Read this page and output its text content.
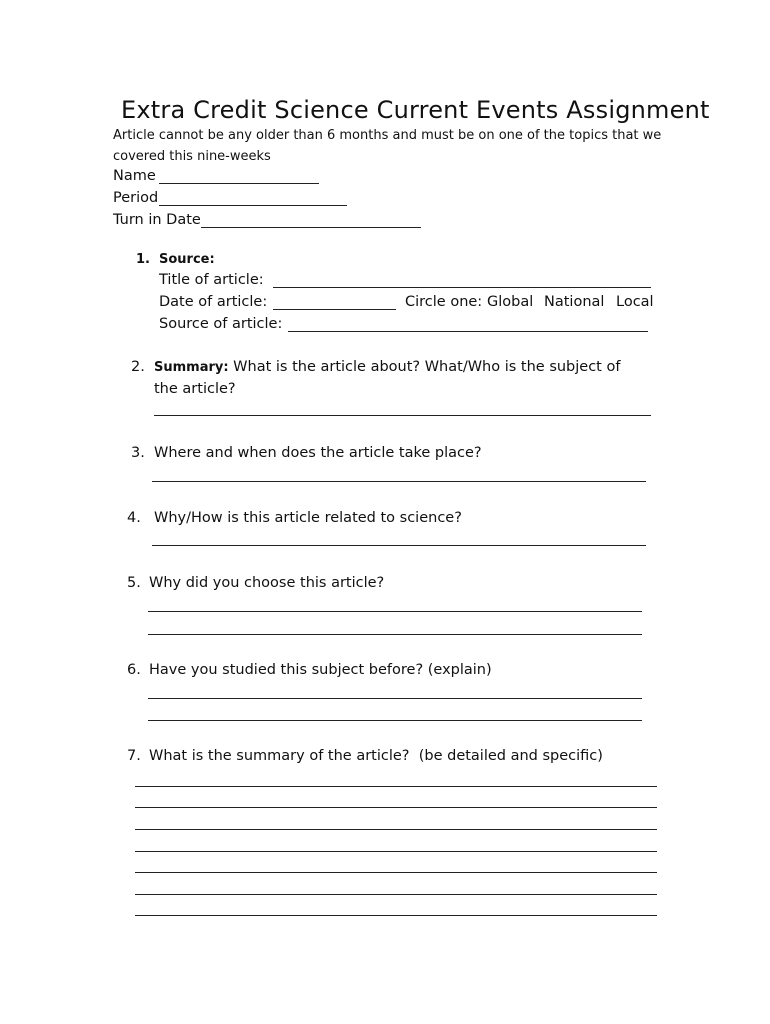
Extra Credit Science Current Events Assignment
Article cannot be any older than 6 months and must be on one of the topics that we
covered this nine-weeks
Name
Period
Turn in Date
1. Source:
Title of article:
Date of article:	Circle one: Global National Local
Source of article:
2. Summary: What is the article about? What/Who is the subject of
the article?
3. Where and when does the article take place?
4. Why/How is this article related to science?
5. Why did you choose this article?
6. Have you studied this subject before? (explain)
7. What is the summary of the article?  (be detailed and specific)
